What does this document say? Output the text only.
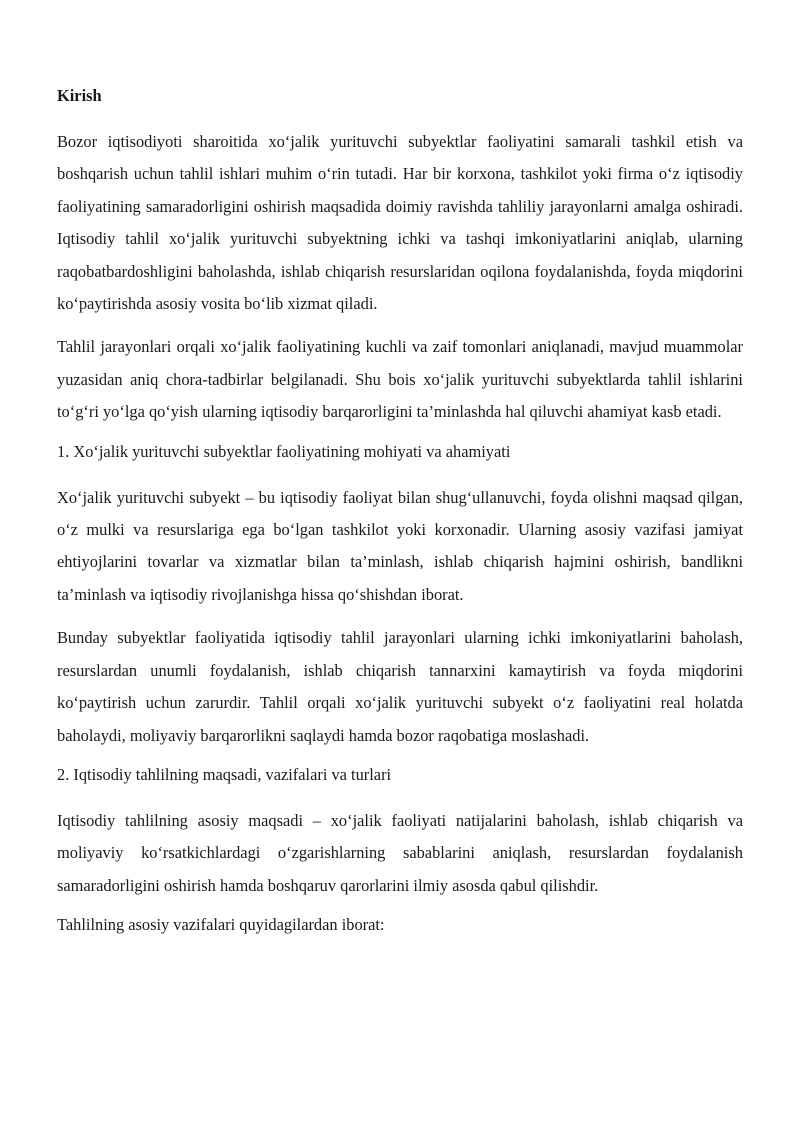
Kirish

Bozor iqtisodiyoti sharoitida xo‘jalik yurituvchi subyektlar faoliyatini samarali tashkil etish va boshqarish uchun tahlil ishlari muhim o‘rin tutadi. Har bir korxona, tashkilot yoki firma o‘z iqtisodiy faoliyatining samaradorligini oshirish maqsadida doimiy ravishda tahliliy jarayonlarni amalga oshiradi. Iqtisodiy tahlil xo‘jalik yurituvchi subyektning ichki va tashqi imkoniyatlarini aniqlab, ularning raqobatbardoshligini baholashda, ishlab chiqarish resurslaridan oqilona foydalanishda, foyda miqdorini ko‘paytirishda asosiy vosita bo‘lib xizmat qiladi.

Tahlil jarayonlari orqali xo‘jalik faoliyatining kuchli va zaif tomonlari aniqlanadi, mavjud muammolar yuzasidan aniq chora-tadbirlar belgilanadi. Shu bois xo‘jalik yurituvchi subyektlarda tahlil ishlarini to‘g‘ri yo‘lga qo‘yish ularning iqtisodiy barqarorligini ta’minlashda hal qiluvchi ahamiyat kasb etadi.

1. Xo‘jalik yurituvchi subyektlar faoliyatining mohiyati va ahamiyati

Xo‘jalik yurituvchi subyekt – bu iqtisodiy faoliyat bilan shug‘ullanuvchi, foyda olishni maqsad qilgan, o‘z mulki va resurslariga ega bo‘lgan tashkilot yoki korxonadir. Ularning asosiy vazifasi jamiyat ehtiyojlarini tovarlar va xizmatlar bilan ta’minlash, ishlab chiqarish hajmini oshirish, bandlikni ta’minlash va iqtisodiy rivojlanishga hissa qo‘shishdan iborat.

Bunday subyektlar faoliyatida iqtisodiy tahlil jarayonlari ularning ichki imkoniyatlarini baholash, resurslardan unumli foydalanish, ishlab chiqarish tannarxini kamaytirish va foyda miqdorini ko‘paytirish uchun zarurdir. Tahlil orqali xo‘jalik yurituvchi subyekt o‘z faoliyatini real holatda baholaydi, moliyaviy barqarorlikni saqlaydi hamda bozor raqobatiga moslashadi.

2. Iqtisodiy tahlilning maqsadi, vazifalari va turlari

Iqtisodiy tahlilning asosiy maqsadi – xo‘jalik faoliyati natijalarini baholash, ishlab chiqarish va moliyaviy ko‘rsatkichlardagi o‘zgarishlarning sabablarini aniqlash, resurslardan foydalanish samaradorligini oshirish hamda boshqaruv qarorlarini ilmiy asosda qabul qilishdir.

Tahlilning asosiy vazifalari quyidagilardan iborat:
